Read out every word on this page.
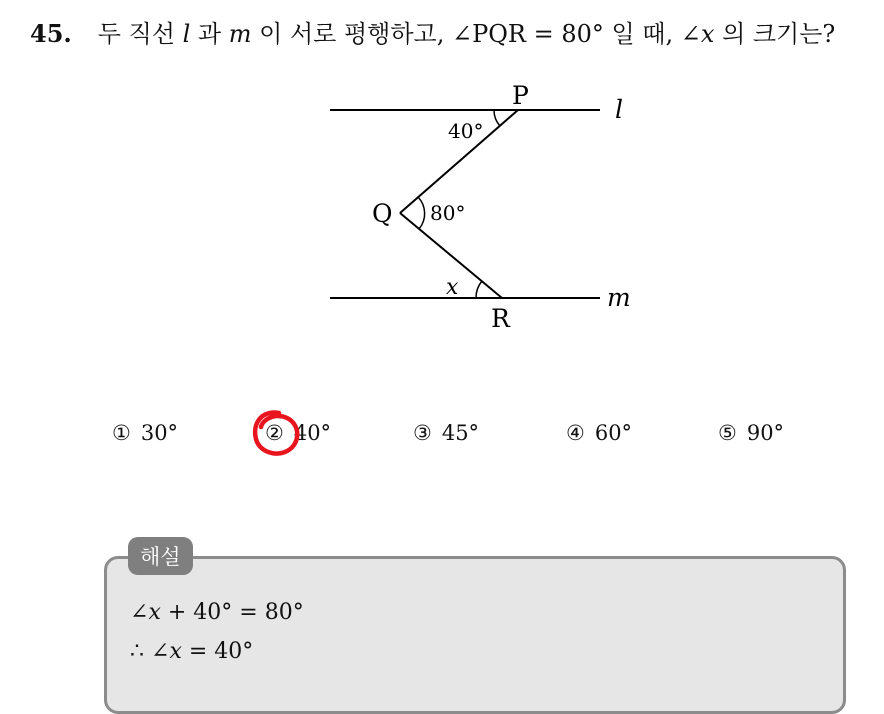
45. 두 직선 l 과 m 이 서로 평행하고, ∠PQR = 80° 일 때, ∠x 의 크기는?
P
Q
R
l
m
40°
80°
x
① 30°	② 40°	③ 45°	④ 60°	⑤ 90°
해설
∠x + 40° = 80°
∴ ∠x = 40°
